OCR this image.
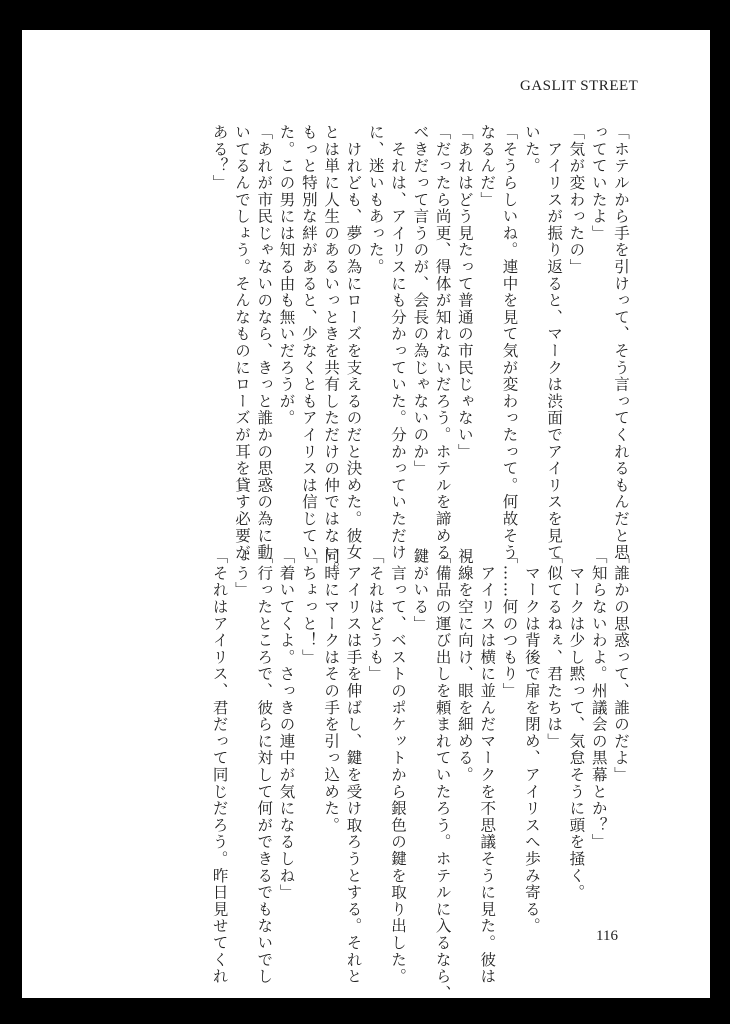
GASLIT STREET
「ホテルから手を引けって、そう言ってくれるもんだと思
ってていたよ」
「気が変わったの」
　アイリスが振り返ると、マークは渋面でアイリスを見て
いた。
「そうらしいね。連中を見て気が変わったって。何故そう
なるんだ」
「あれはどう見たって普通の市民じゃない」
「だったら尚更、得体が知れないだろう。ホテルを諦める
べきだって言うのが、会長の為じゃないのか」
　それは、アイリスにも分かっていた。分かっていただけ
に、迷いもあった。
　けれども、夢の為にローズを支えるのだと決めた。彼女
とは単に人生のあるいっときを共有しただけの仲ではない。
もっと特別な絆があると、少なくともアイリスは信じてい
た。この男には知る由も無いだろうが。
「あれが市民じゃないのなら、きっと誰かの思惑の為に動
いてるんでしょう。そんなものにローズが耳を貸す必要が
ある？」
「誰かの思惑って、誰のだよ」
「知らないわよ。州議会の黒幕とか？」
　マークは少し黙って、気怠そうに頭を掻く。
「似てるねぇ、君たちは」
　マークは背後で扉を閉め、アイリスへ歩み寄る。
「……何のつもり」
　アイリスは横に並んだマークを不思議そうに見た。彼は
視線を空に向け、眼を細める。
「備品の運び出しを頼まれていたろう。ホテルに入るなら、
鍵がいる」
　言って、ベストのポケットから銀色の鍵を取り出した。
「それはどうも」
　アイリスは手を伸ばし、鍵を受け取ろうとする。それと
同時にマークはその手を引っ込めた。
「ちょっと！」
「着いてくよ。さっきの連中が気になるしね」
「行ったところで、彼らに対して何ができるでもないでし
ょう」
「それはアイリス、君だって同じだろう。昨日見せてくれ	116
